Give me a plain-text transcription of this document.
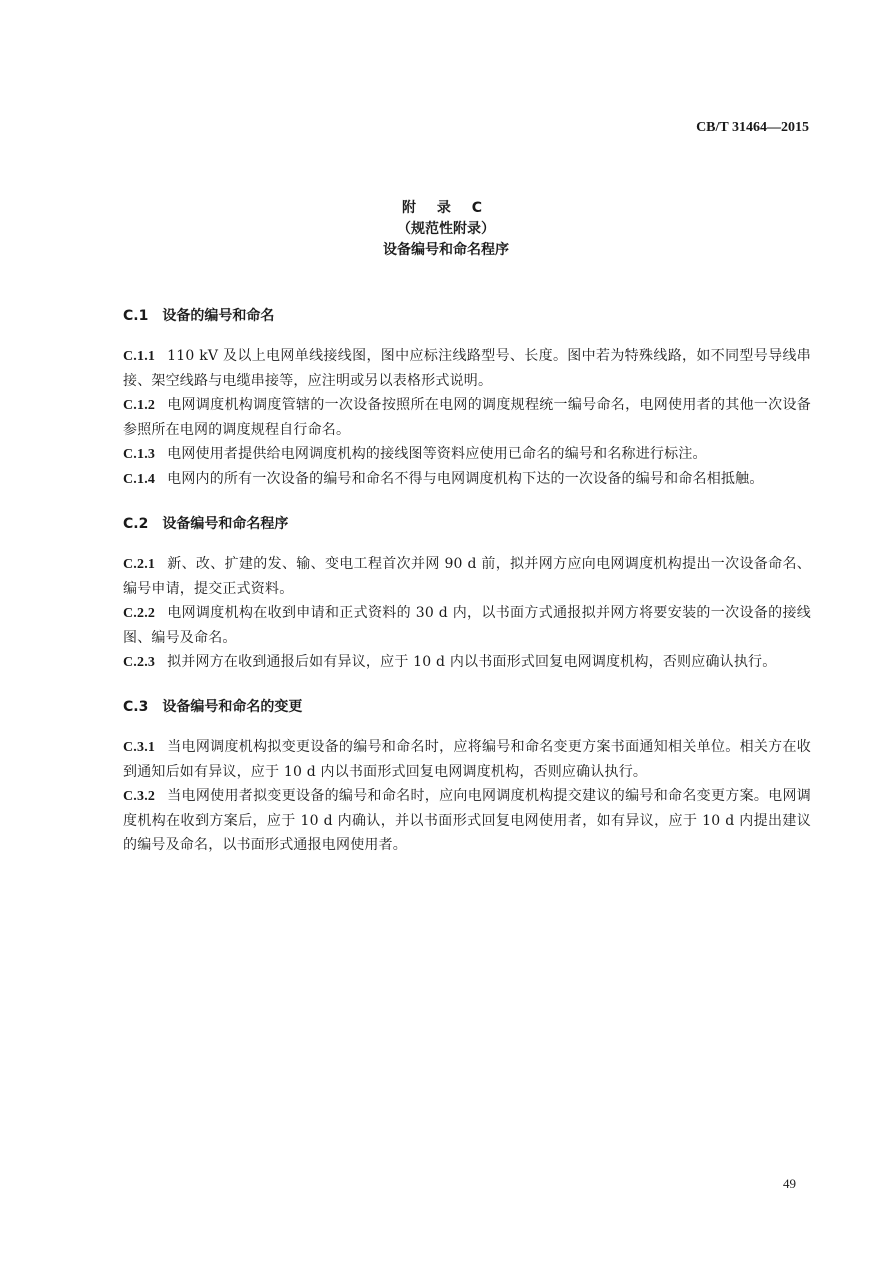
CB/T 31464—2015
附 录 C
（规范性附录）
设备编号和命名程序

C.1 设备的编号和命名

C.1.1 110 kV 及以上电网单线接线图，图中应标注线路型号、长度。图中若为特殊线路，如不同型号导线串接、架空线路与电缆串接等，应注明或另以表格形式说明。

C.1.2 电网调度机构调度管辖的一次设备按照所在电网的调度规程统一编号命名，电网使用者的其他一次设备参照所在电网的调度规程自行命名。

C.1.3 电网使用者提供给电网调度机构的接线图等资料应使用已命名的编号和名称进行标注。

C.1.4 电网内的所有一次设备的编号和命名不得与电网调度机构下达的一次设备的编号和命名相抵触。

C.2 设备编号和命名程序

C.2.1 新、改、扩建的发、输、变电工程首次并网 90 d 前，拟并网方应向电网调度机构提出一次设备命名、编号申请，提交正式资料。

C.2.2 电网调度机构在收到申请和正式资料的 30 d 内，以书面方式通报拟并网方将要安装的一次设备的接线图、编号及命名。

C.2.3 拟并网方在收到通报后如有异议，应于 10 d 内以书面形式回复电网调度机构，否则应确认执行。

C.3 设备编号和命名的变更

C.3.1 当电网调度机构拟变更设备的编号和命名时，应将编号和命名变更方案书面通知相关单位。相关方在收到通知后如有异议，应于 10 d 内以书面形式回复电网调度机构，否则应确认执行。

C.3.2 当电网使用者拟变更设备的编号和命名时，应向电网调度机构提交建议的编号和命名变更方案。电网调度机构在收到方案后，应于 10 d 内确认，并以书面形式回复电网使用者，如有异议，应于 10 d 内提出建议的编号及命名，以书面形式通报电网使用者。

49
